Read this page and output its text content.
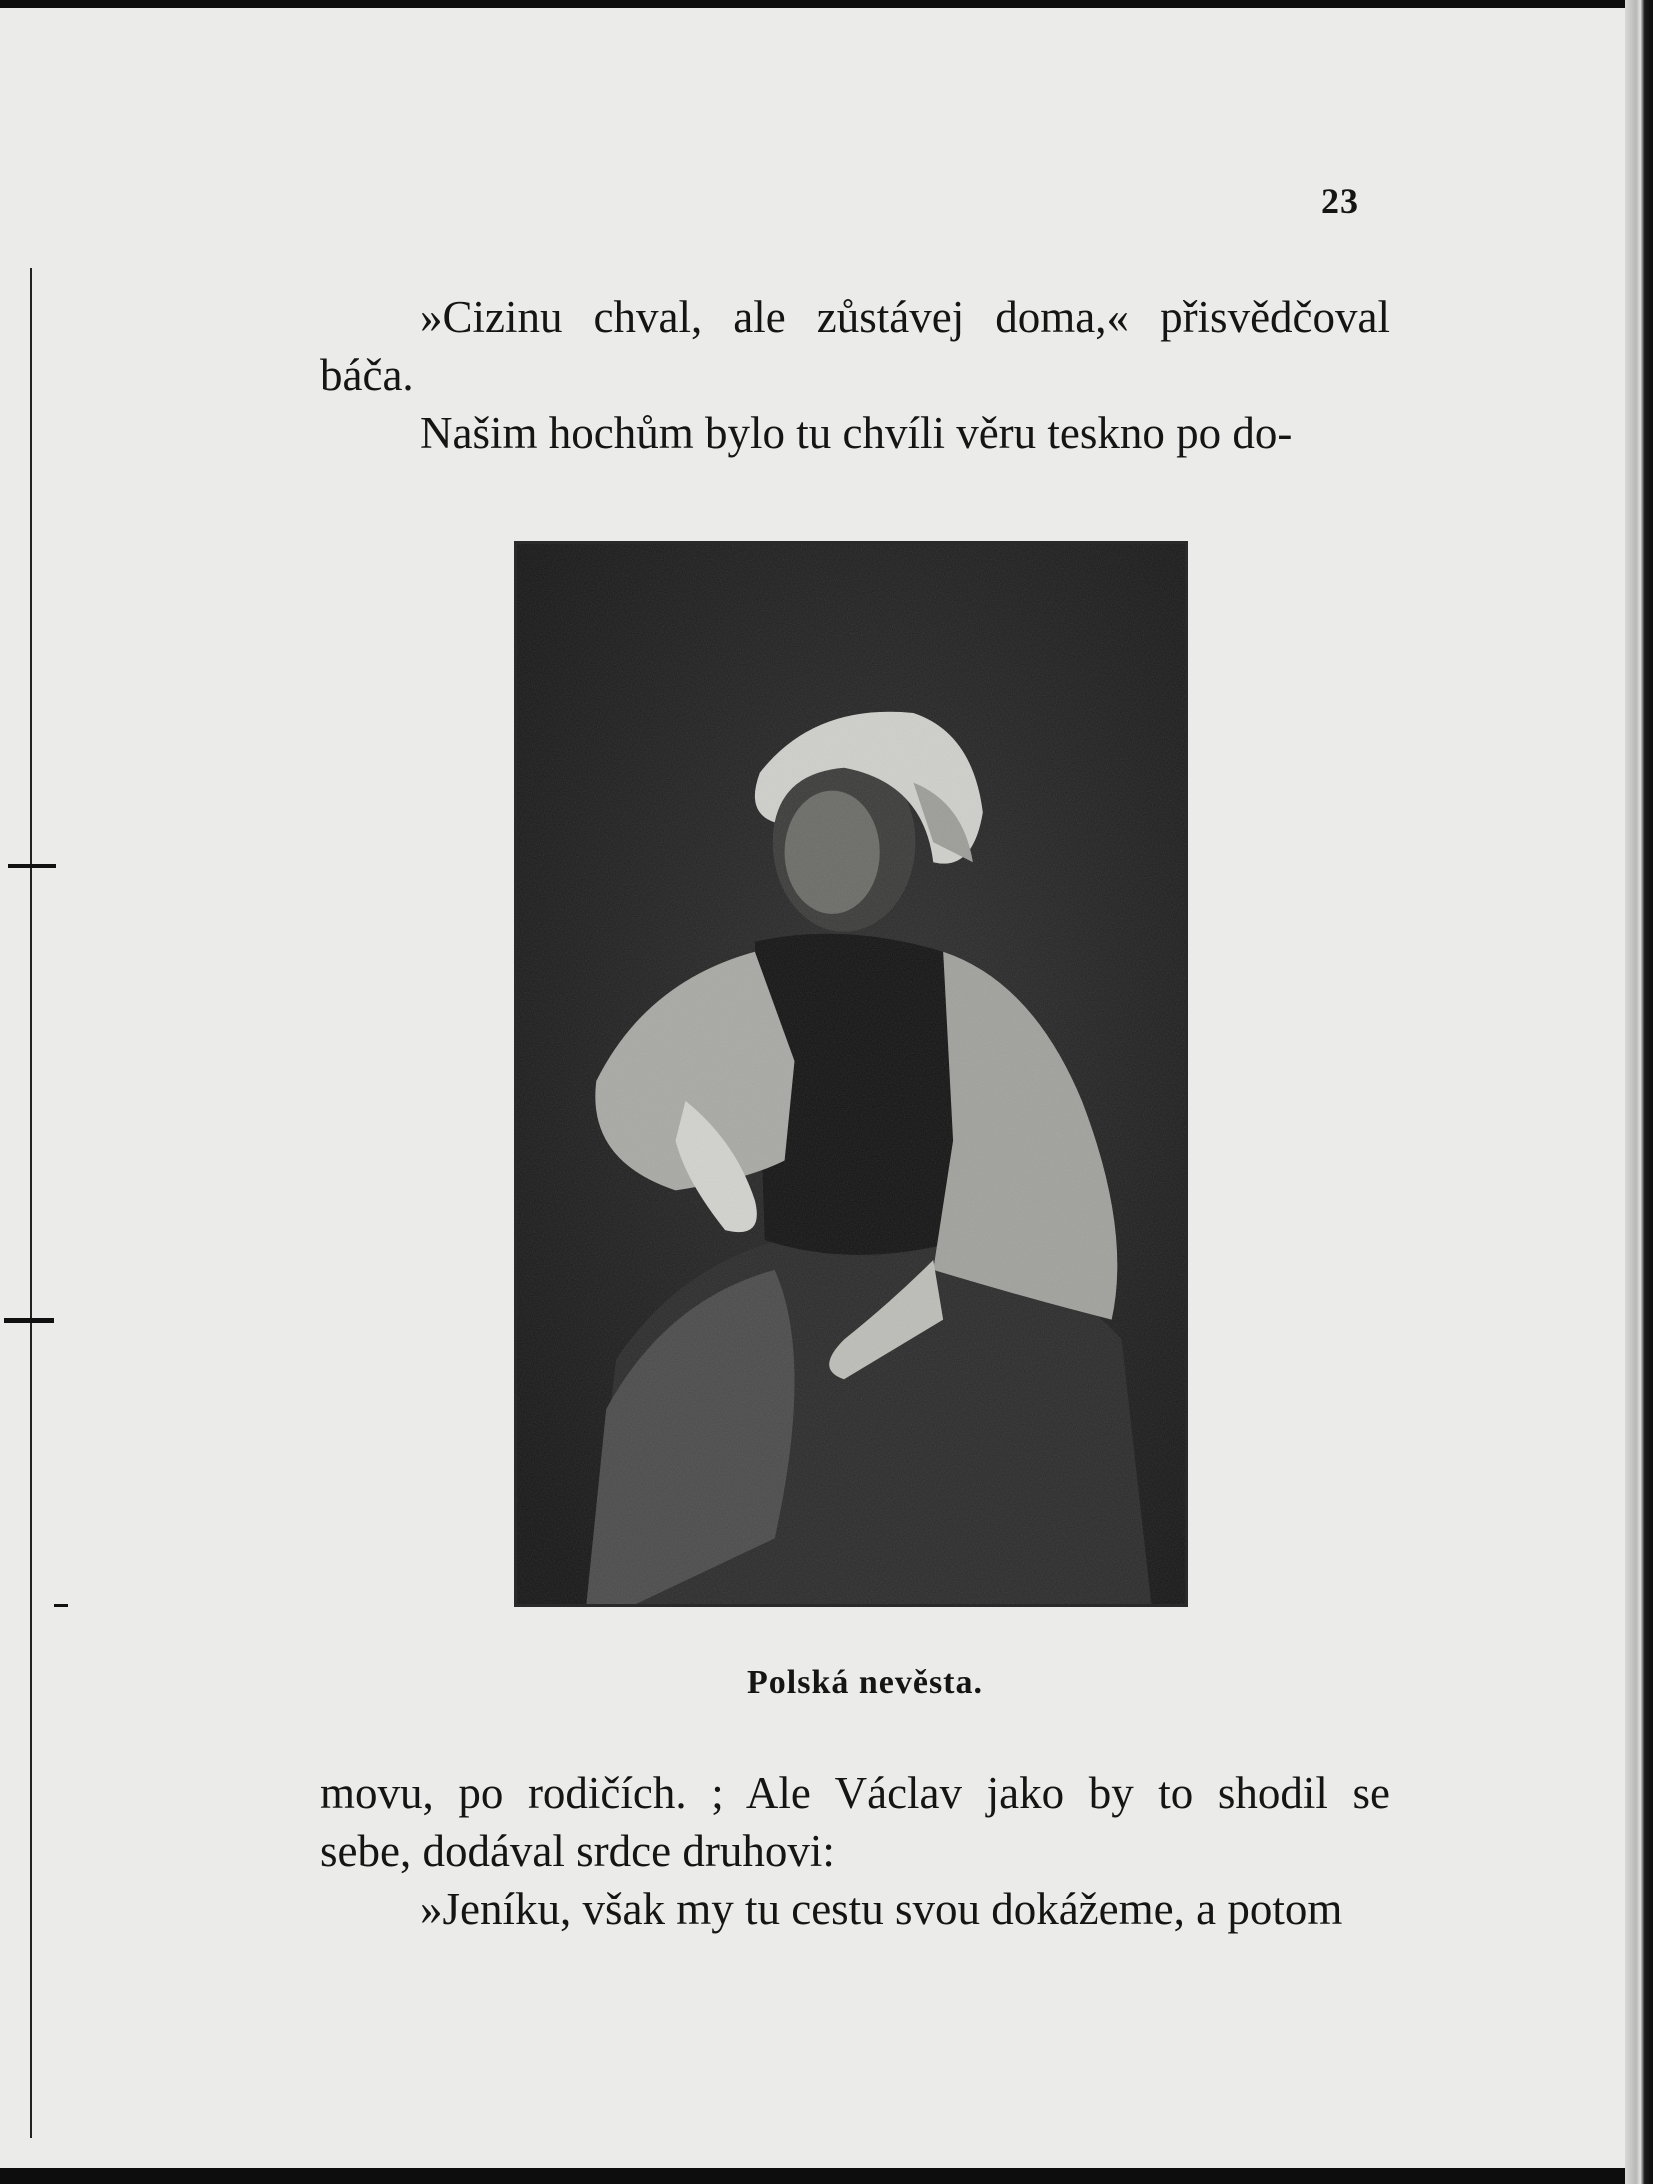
23

»Cizinu chval, ale zůstávej doma,« přisvědčoval

báča.

Našim hochům bylo tu chvíli věru teskno po do-

Polská nevěsta.

movu, po rodičích. ; Ale Václav jako by to shodil se

sebe, dodával srdce druhovi:

»Jeníku, však my tu cestu svou dokážeme, a potom
